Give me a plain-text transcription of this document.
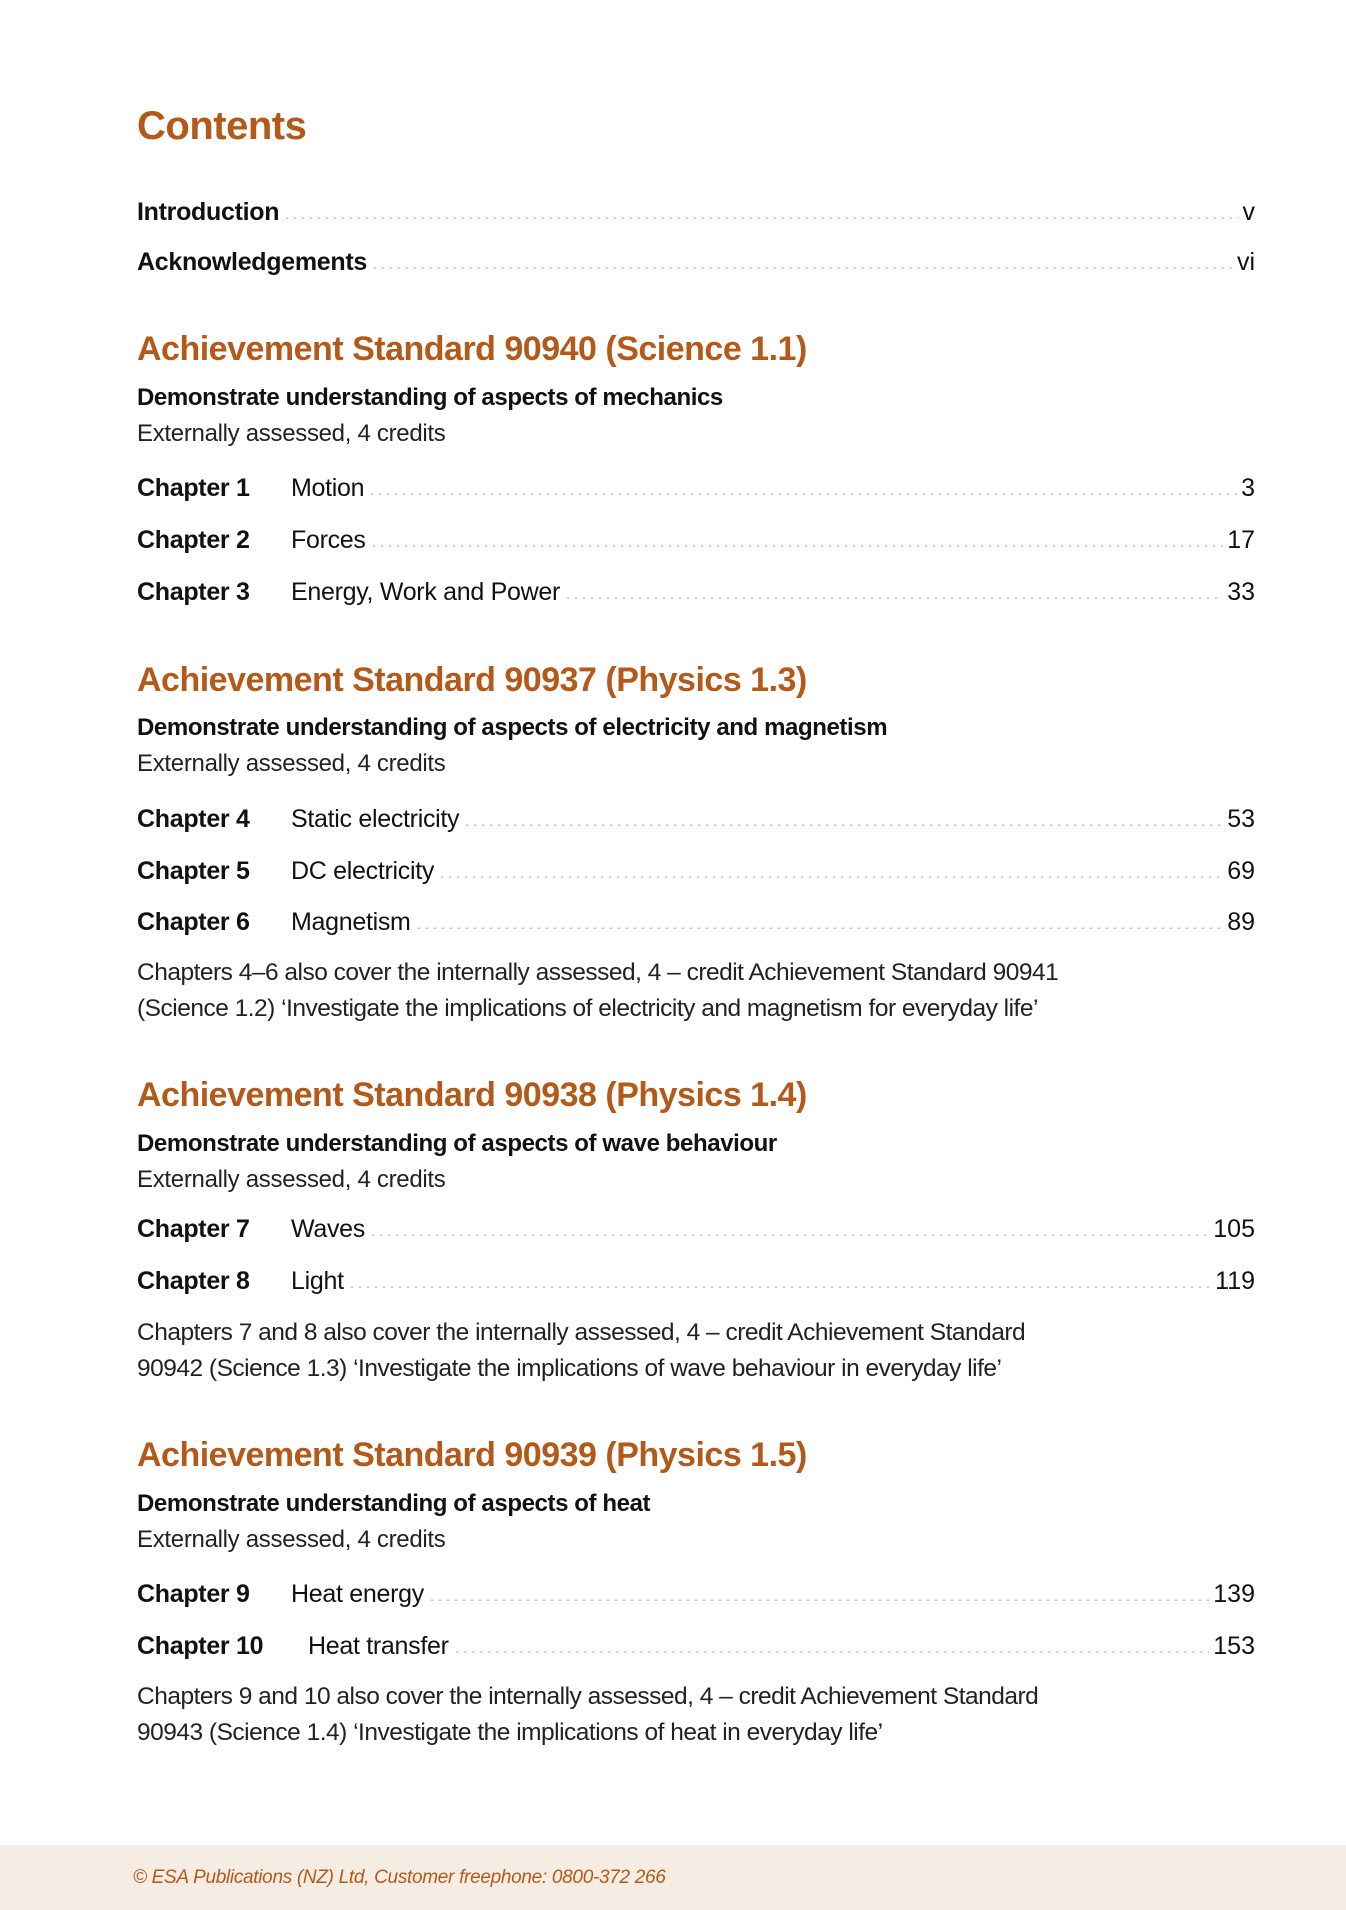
Contents
Introduction	v
Acknowledgements	vi
Achievement Standard 90940 (Science 1.1)
Demonstrate understanding of aspects of mechanics
Externally assessed, 4 credits
Chapter 1	Motion	3
Chapter 2	Forces	17
Chapter 3	Energy, Work and Power	33
Achievement Standard 90937 (Physics 1.3)
Demonstrate understanding of aspects of electricity and magnetism
Externally assessed, 4 credits
Chapter 4	Static electricity	53
Chapter 5	DC electricity	69
Chapter 6	Magnetism	89
Chapters 4–6 also cover the internally assessed, 4 – credit Achievement Standard 90941
(Science 1.2) ‘Investigate the implications of electricity and magnetism for everyday life’
Achievement Standard 90938 (Physics 1.4)
Demonstrate understanding of aspects of wave behaviour
Externally assessed, 4 credits
Chapter 7	Waves	105
Chapter 8	Light	119
Chapters 7 and 8 also cover the internally assessed, 4 – credit Achievement Standard
90942 (Science 1.3) ‘Investigate the implications of wave behaviour in everyday life’
Achievement Standard 90939 (Physics 1.5)
Demonstrate understanding of aspects of heat
Externally assessed, 4 credits
Chapter 9	Heat energy	139
Chapter 10	Heat transfer	153
Chapters 9 and 10 also cover the internally assessed, 4 – credit Achievement Standard
90943 (Science 1.4) ‘Investigate the implications of heat in everyday life’
© ESA Publications (NZ) Ltd, Customer freephone: 0800-372 266
